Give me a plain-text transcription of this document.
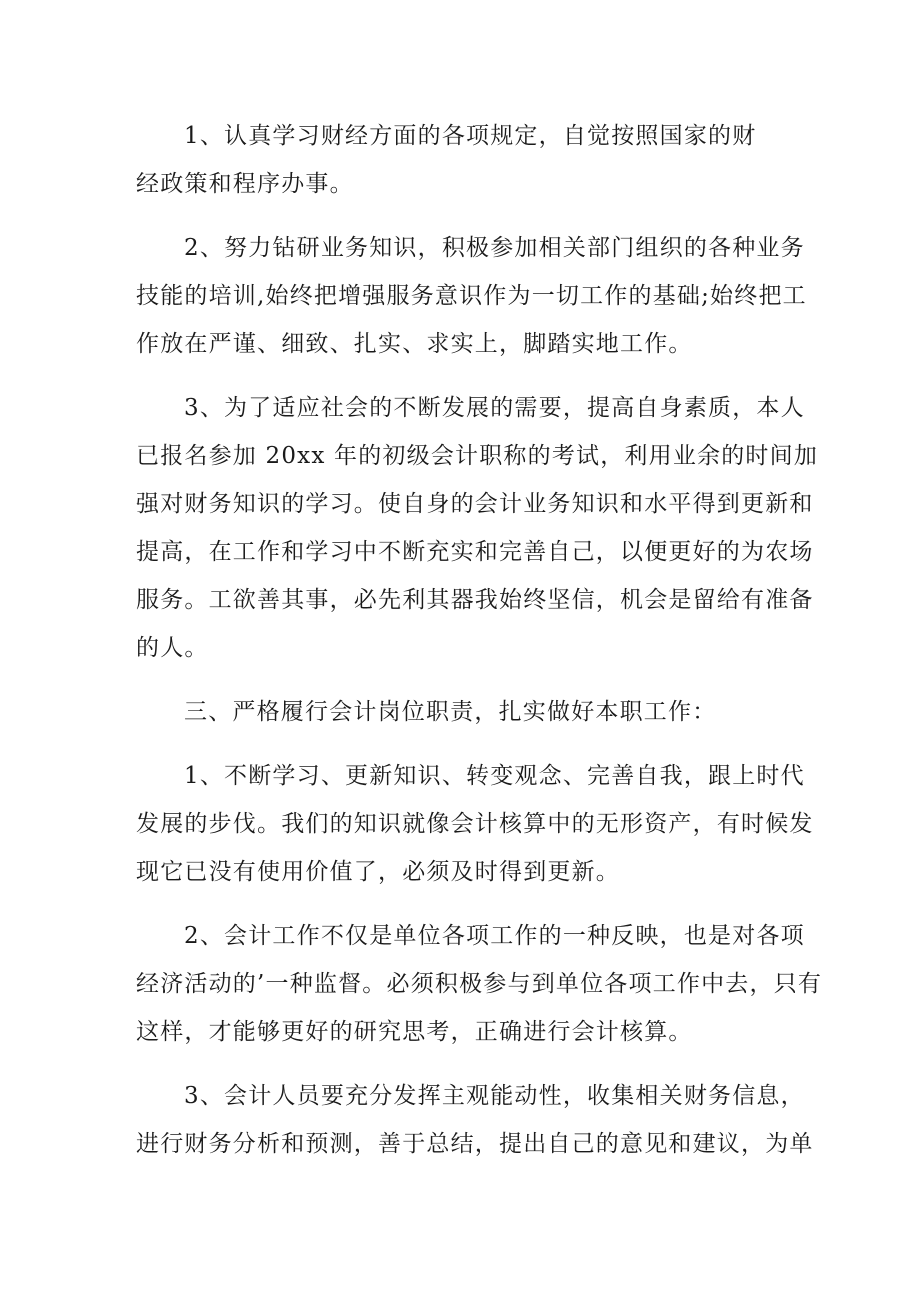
1、认真学习财经方面的各项规定，自觉按照国家的财

经政策和程序办事。

2、努力钻研业务知识，积极参加相关部门组织的各种业务

技能的培训,始终把增强服务意识作为一切工作的基础;始终把工

作放在严谨、细致、扎实、求实上，脚踏实地工作。

3、为了适应社会的不断发展的需要，提高自身素质，本人

已报名参加 20xx 年的初级会计职称的考试，利用业余的时间加

强对财务知识的学习。使自身的会计业务知识和水平得到更新和

提高，在工作和学习中不断充实和完善自己，以便更好的为农场

服务。工欲善其事，必先利其器我始终坚信，机会是留给有准备

的人。

三、严格履行会计岗位职责，扎实做好本职工作：

1、不断学习、更新知识、转变观念、完善自我，跟上时代

发展的步伐。我们的知识就像会计核算中的无形资产，有时候发

现它已没有使用价值了，必须及时得到更新。

2、会计工作不仅是单位各项工作的一种反映，也是对各项

经济活动的’一种监督。必须积极参与到单位各项工作中去，只有

这样，才能够更好的研究思考，正确进行会计核算。

3、会计人员要充分发挥主观能动性，收集相关财务信息，

进行财务分析和预测，善于总结，提出自己的意见和建议，为单
